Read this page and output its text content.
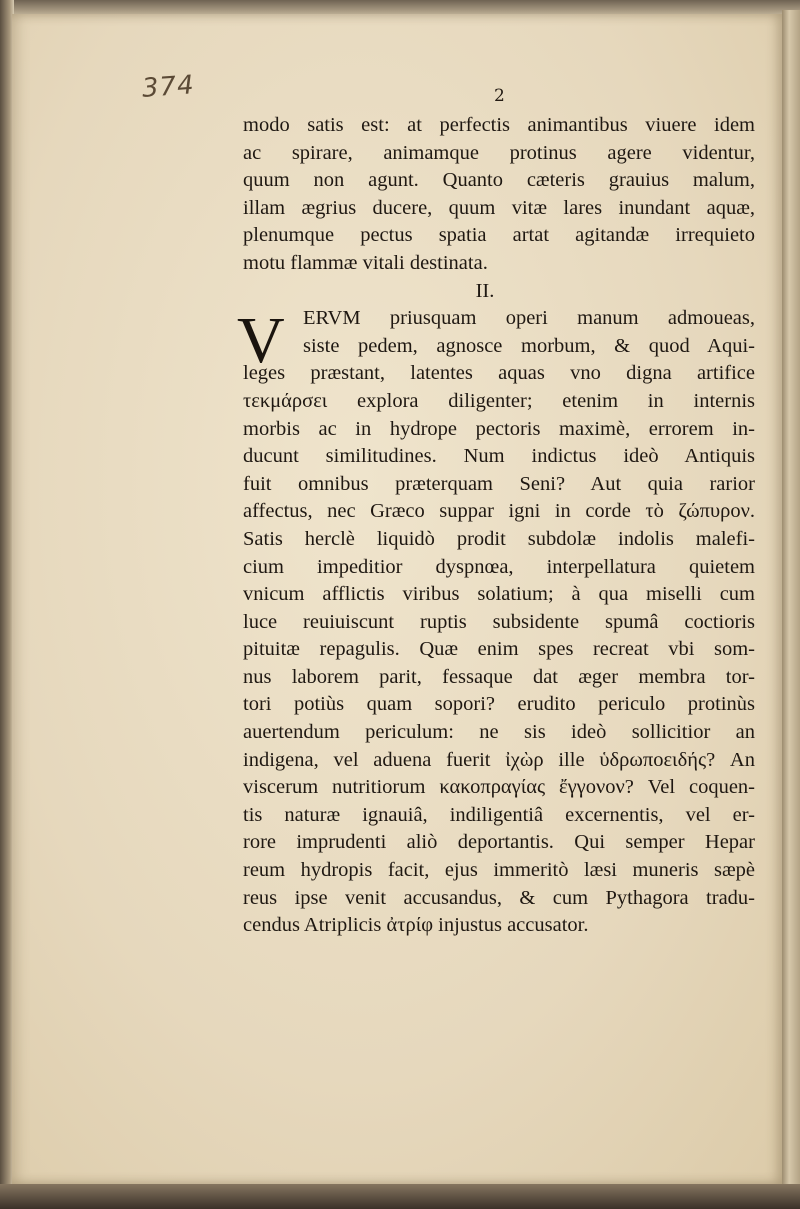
374	2
modo satis est: at perfectis animantibus viuere idem
ac spirare, animamque protinus agere videntur,
quum non agunt. Quanto cæteris grauius malum,
illam ægrius ducere, quum vitæ lares inundant aquæ,
plenumque pectus spatia artat agitandæ irrequieto
motu flammæ vitali destinata.
II.
V ERVM priusquam operi manum admoueas,
siste pedem, agnosce morbum, & quod Aqui-
leges præstant, latentes aquas vno digna artifice
τεκμάρσει explora diligenter; etenim in internis
morbis ac in hydrope pectoris maximè, errorem in-
ducunt similitudines. Num indictus ideò Antiquis
fuit omnibus præterquam Seni? Aut quia rarior
affectus, nec Græco suppar igni in corde τὸ ζώπυρον.
Satis herclè liquidò prodit subdolæ indolis malefi-
cium impeditior dyspnœa, interpellatura quietem
vnicum afflictis viribus solatium; à qua miselli cum
luce reuiuiscunt ruptis subsidente spumâ coctioris
pituitæ repagulis. Quæ enim spes recreat vbi som-
nus laborem parit, fessaque dat æger membra tor-
tori potiùs quam sopori? erudito periculo protinùs
auertendum periculum: ne sis ideò sollicitior an
indigena, vel aduena fuerit ἰχὼρ ille ὑδρωποειδής? An
viscerum nutritiorum κακοπραγίας ἔγγονον? Vel coquen-
tis naturæ ignauiâ, indiligentiâ excernentis, vel er-
rore imprudenti aliò deportantis. Qui semper Hepar
reum hydropis facit, ejus immeritò læsi muneris sæpè
reus ipse venit accusandus, & cum Pythagora tradu-
cendus Atriplicis ἀτρίφ injustus accusator.
